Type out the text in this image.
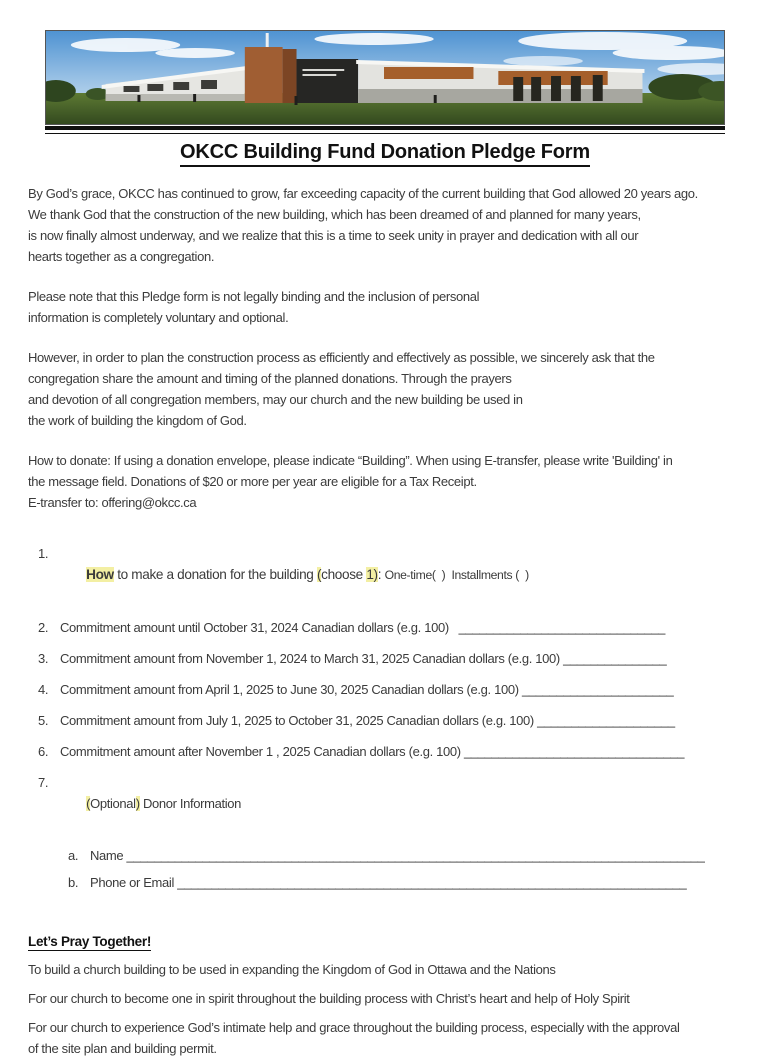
OKCC Building Fund Donation Pledge Form
By God’s grace, OKCC has continued to grow, far exceeding capacity of the current building that God allowed 20 years ago.
We thank God that the construction of the new building, which has been dreamed of and planned for many years,
is now finally almost underway, and we realize that this is a time to seek unity in prayer and dedication with all our
hearts together as a congregation.
Please note that this Pledge form is not legally binding and the inclusion of personal
information is completely voluntary and optional.
However, in order to plan the construction process as efficiently and effectively as possible, we sincerely ask that the
congregation share the amount and timing of the planned donations. Through the prayers
and devotion of all congregation members, may our church and the new building be used in
the work of building the kingdom of God.
How to donate: If using a donation envelope, please indicate “Building”. When using E-transfer, please write 'Building' in
the message field. Donations of $20 or more per year are eligible for a Tax Receipt.
E-transfer to: offering@okcc.ca
1.

How to make a donation for the building (choose 1): One-time(  )  Installments (  )

2. Commitment amount until October 31, 2024 Canadian dollars (e.g. 100)   ______________________________
3. Commitment amount from November 1, 2024 to March 31, 2025 Canadian dollars (e.g. 100) _______________
4. Commitment amount from April 1, 2025 to June 30, 2025 Canadian dollars (e.g. 100) ______________________
5. Commitment amount from July 1, 2025 to October 31, 2025 Canadian dollars (e.g. 100) ____________________
6. Commitment amount after November 1 , 2025 Canadian dollars (e.g. 100) ________________________________
7.

(Optional) Donor Information

a. Name ____________________________________________________________________________________
b. Phone or Email __________________________________________________________________________
Let’s Pray Together!
To build a church building to be used in expanding the Kingdom of God in Ottawa and the Nations
For our church to become one in spirit throughout the building process with Christ’s heart and help of Holy Spirit
For our church to experience God’s intimate help and grace throughout the building process, especially with the approval
of the site plan and building permit.
